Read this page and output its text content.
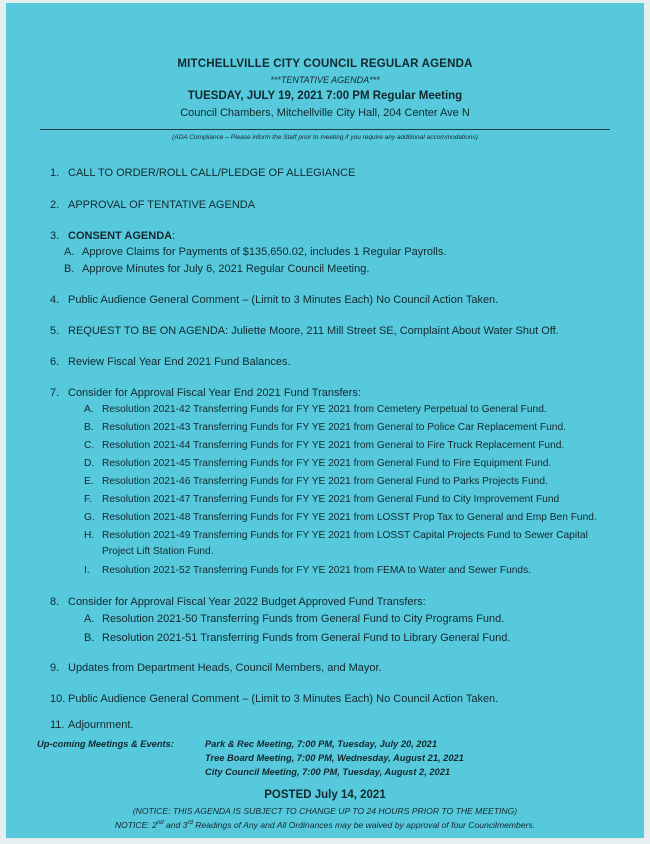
MITCHELLVILLE CITY COUNCIL REGULAR AGENDA
***TENTATIVE AGENDA***
TUESDAY, JULY 19, 2021 7:00 PM Regular Meeting
Council Chambers, Mitchellville City Hall, 204 Center Ave N
(ADA Compliance – Please inform the Staff prior to meeting if you require any additional accommodations)
1. CALL TO ORDER/ROLL CALL/PLEDGE OF ALLEGIANCE
2. APPROVAL OF TENTATIVE AGENDA
3. CONSENT AGENDA:
A. Approve Claims for Payments of $135,650.02, includes 1 Regular Payrolls.
B. Approve Minutes for July 6, 2021 Regular Council Meeting.
4. Public Audience General Comment – (Limit to 3 Minutes Each) No Council Action Taken.
5. REQUEST TO BE ON AGENDA: Juliette Moore, 211 Mill Street SE, Complaint About Water Shut Off.
6. Review Fiscal Year End 2021 Fund Balances.
7. Consider for Approval Fiscal Year End 2021 Fund Transfers:
A. Resolution 2021-42 Transferring Funds for FY YE 2021 from Cemetery Perpetual to General Fund.
B. Resolution 2021-43 Transferring Funds for FY YE 2021 from General to Police Car Replacement Fund.
C. Resolution 2021-44 Transferring Funds for FY YE 2021 from General to Fire Truck Replacement Fund.
D. Resolution 2021-45 Transferring Funds for FY YE 2021 from General Fund to Fire Equipment Fund.
E. Resolution 2021-46 Transferring Funds for FY YE 2021 from General Fund to Parks Projects Fund.
F. Resolution 2021-47 Transferring Funds for FY YE 2021 from General Fund to City Improvement Fund
G. Resolution 2021-48 Transferring Funds for FY YE 2021 from LOSST Prop Tax to General and Emp Ben Fund.
H. Resolution 2021-49 Transferring Funds for FY YE 2021 from LOSST Capital Projects Fund to Sewer Capital
Project Lift Station Fund.
I. Resolution 2021-52 Transferring Funds for FY YE 2021 from FEMA to Water and Sewer Funds.
8. Consider for Approval Fiscal Year 2022 Budget Approved Fund Transfers:
A. Resolution 2021-50 Transferring Funds from General Fund to City Programs Fund.
B. Resolution 2021-51 Transferring Funds from General Fund to Library General Fund.
9. Updates from Department Heads, Council Members, and Mayor.
10. Public Audience General Comment – (Limit to 3 Minutes Each) No Council Action Taken.
11. Adjournment.
Up-coming Meetings & Events:	Park & Rec Meeting, 7:00 PM, Tuesday, July 20, 2021
Tree Board Meeting, 7:00 PM, Wednesday, August 21, 2021
City Council Meeting, 7:00 PM, Tuesday, August 2, 2021
POSTED July 14, 2021
(NOTICE: THIS AGENDA IS SUBJECT TO CHANGE UP TO 24 HOURS PRIOR TO THE MEETING)
NOTICE: 2nd and 3rd Readings of Any and All Ordinances may be waived by approval of four Councilmembers.
